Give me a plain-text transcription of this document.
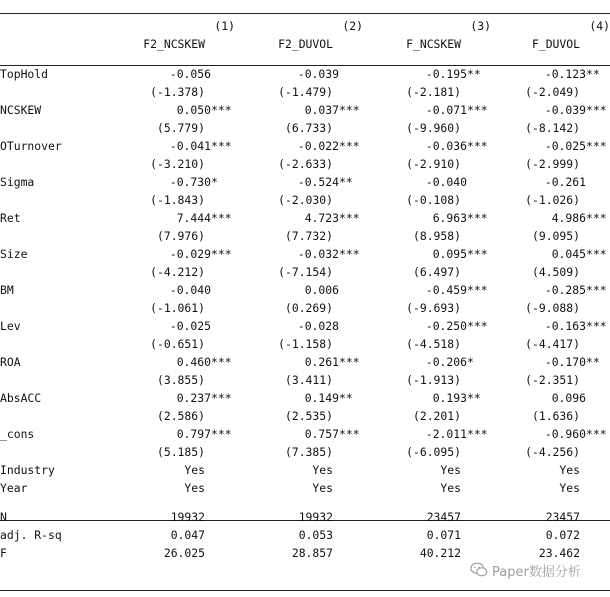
	(1)	(2)	(3)	(4)
	F2_NCSKEW	F2_DUVOL	F_NCSKEW	F_DUVOL

TopHold	-0.056	-0.039	-0.195**	-0.123**
	(-1.378)	(-1.479)	(-2.181)	(-2.049)
NCSKEW	0.050***	0.037***	-0.071***	-0.039***
	(5.779)	(6.733)	(-9.960)	(-8.142)
OTurnover	-0.041***	-0.022***	-0.036***	-0.025***
	(-3.210)	(-2.633)	(-2.910)	(-2.999)
Sigma	-0.730*	-0.524**	-0.040	-0.261
	(-1.843)	(-2.030)	(-0.108)	(-1.026)
Ret	7.444***	4.723***	6.963***	4.986***
	(7.976)	(7.732)	(8.958)	(9.095)
Size	-0.029***	-0.032***	0.095***	0.045***
	(-4.212)	(-7.154)	(6.497)	(4.509)
BM	-0.040	0.006	-0.459***	-0.285***
	(-1.061)	(0.269)	(-9.693)	(-9.088)
Lev	-0.025	-0.028	-0.250***	-0.163***
	(-0.651)	(-1.158)	(-4.518)	(-4.417)
ROA	0.460***	0.261***	-0.206*	-0.170**
	(3.855)	(3.411)	(-1.913)	(-2.351)
AbsACC	0.237***	0.149**	0.193**	0.096
	(2.586)	(2.535)	(2.201)	(1.636)
_cons	0.797***	0.757***	-2.011***	-0.960***
	(5.185)	(7.385)	(-6.095)	(-4.256)
Industry	Yes	Yes	Yes	Yes
Year	Yes	Yes	Yes	Yes

N	19932	19932	23457	23457
adj. R-sq	0.047	0.053	0.071	0.072
F	26.025	28.857	40.212	23.462
Paper数据分析
